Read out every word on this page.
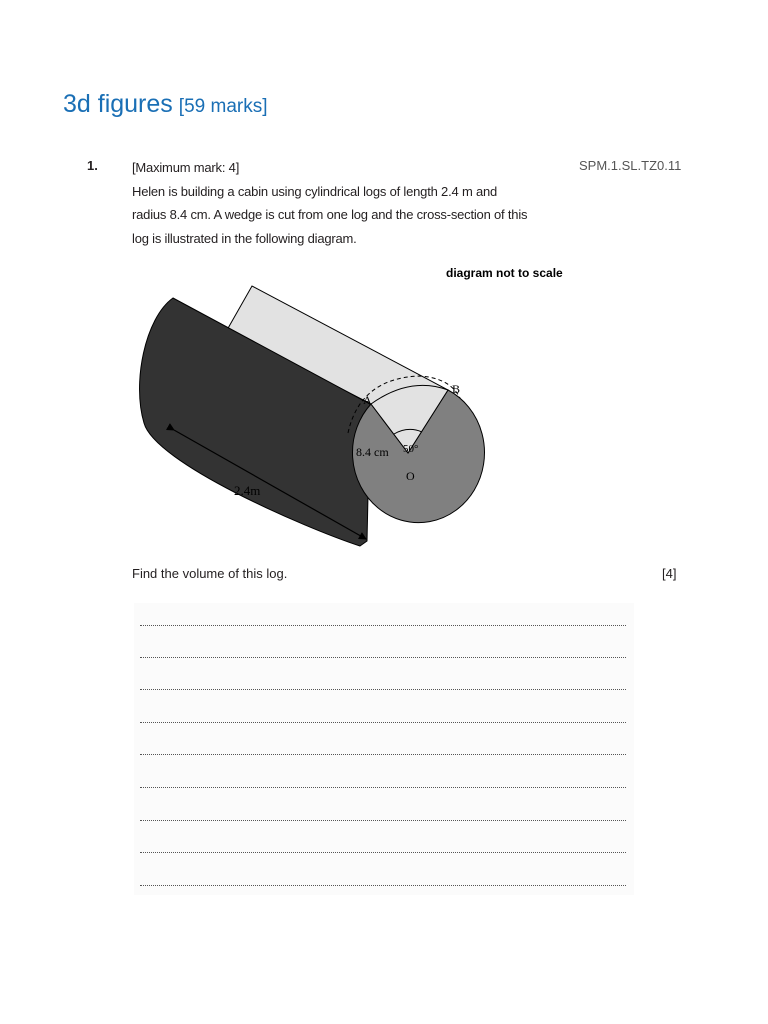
3d figures [59 marks]
1.	SPM.1.SL.TZ0.11
[Maximum mark: 4]
Helen is building a cabin using cylindrical logs of length 2.4 m and
radius 8.4 cm. A wedge is cut from one log and the cross-section of this
log is illustrated in the following diagram.
diagram not to scale
A
B
O
8.4 cm 50°
2.4m
Find the volume of this log.	[4]
